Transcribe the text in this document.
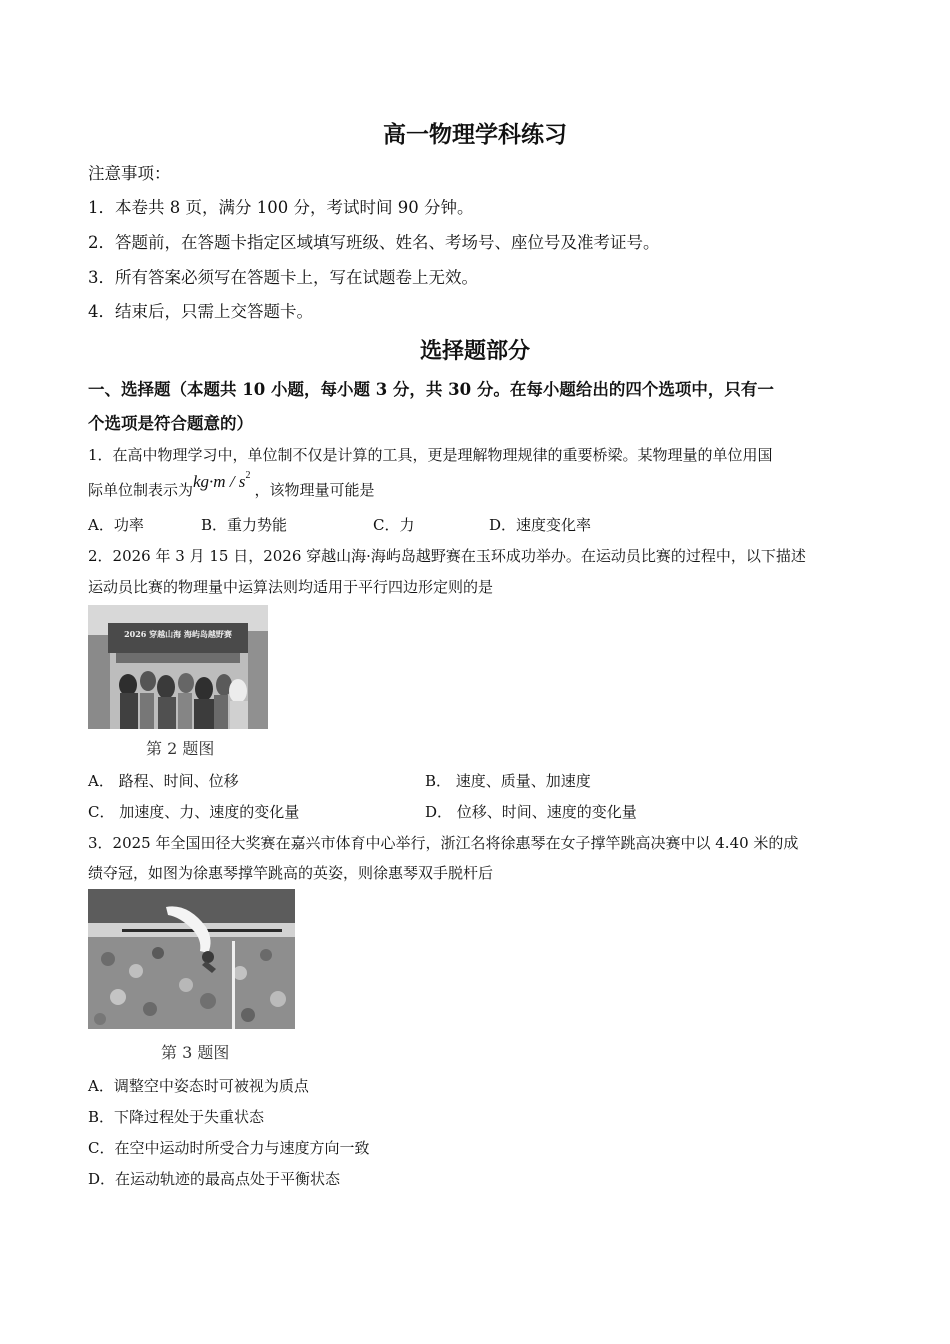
高一物理学科练习
注意事项：
1．本卷共 8 页，满分 100 分，考试时间 90 分钟。
2．答题前，在答题卡指定区域填写班级、姓名、考场号、座位号及准考证号。
3．所有答案必须写在答题卡上，写在试题卷上无效。
4．结束后，只需上交答题卡。
选择题部分
一、选择题（本题共 10 小题，每小题 3 分，共 30 分。在每小题给出的四个选项中，只有一
个选项是符合题意的）
1．在高中物理学习中，单位制不仅是计算的工具，更是理解物理规律的重要桥梁。某物理量的单位用国
际单位制表示为$kg\cdot m / s^2$，该物理量可能是
A．功率	B．重力势能	C．力	D．速度变化率
2．2026 年 3 月 15 日，2026 穿越山海·海屿岛越野赛在玉环成功举办。在运动员比赛的过程中，以下描述
运动员比赛的物理量中运算法则均适用于平行四边形定则的是
2026 穿越山海 海屿岛越野赛
第 2 题图
A． 路程、时间、位移	B． 速度、质量、加速度
C． 加速度、力、速度的变化量	D． 位移、时间、速度的变化量
3．2025 年全国田径大奖赛在嘉兴市体育中心举行，浙江名将徐惠琴在女子撑竿跳高决赛中以 4.40 米的成
绩夺冠，如图为徐惠琴撑竿跳高的英姿，则徐惠琴双手脱杆后
第 3 题图
A．调整空中姿态时可被视为质点
B．下降过程处于失重状态
C．在空中运动时所受合力与速度方向一致
D．在运动轨迹的最高点处于平衡状态
